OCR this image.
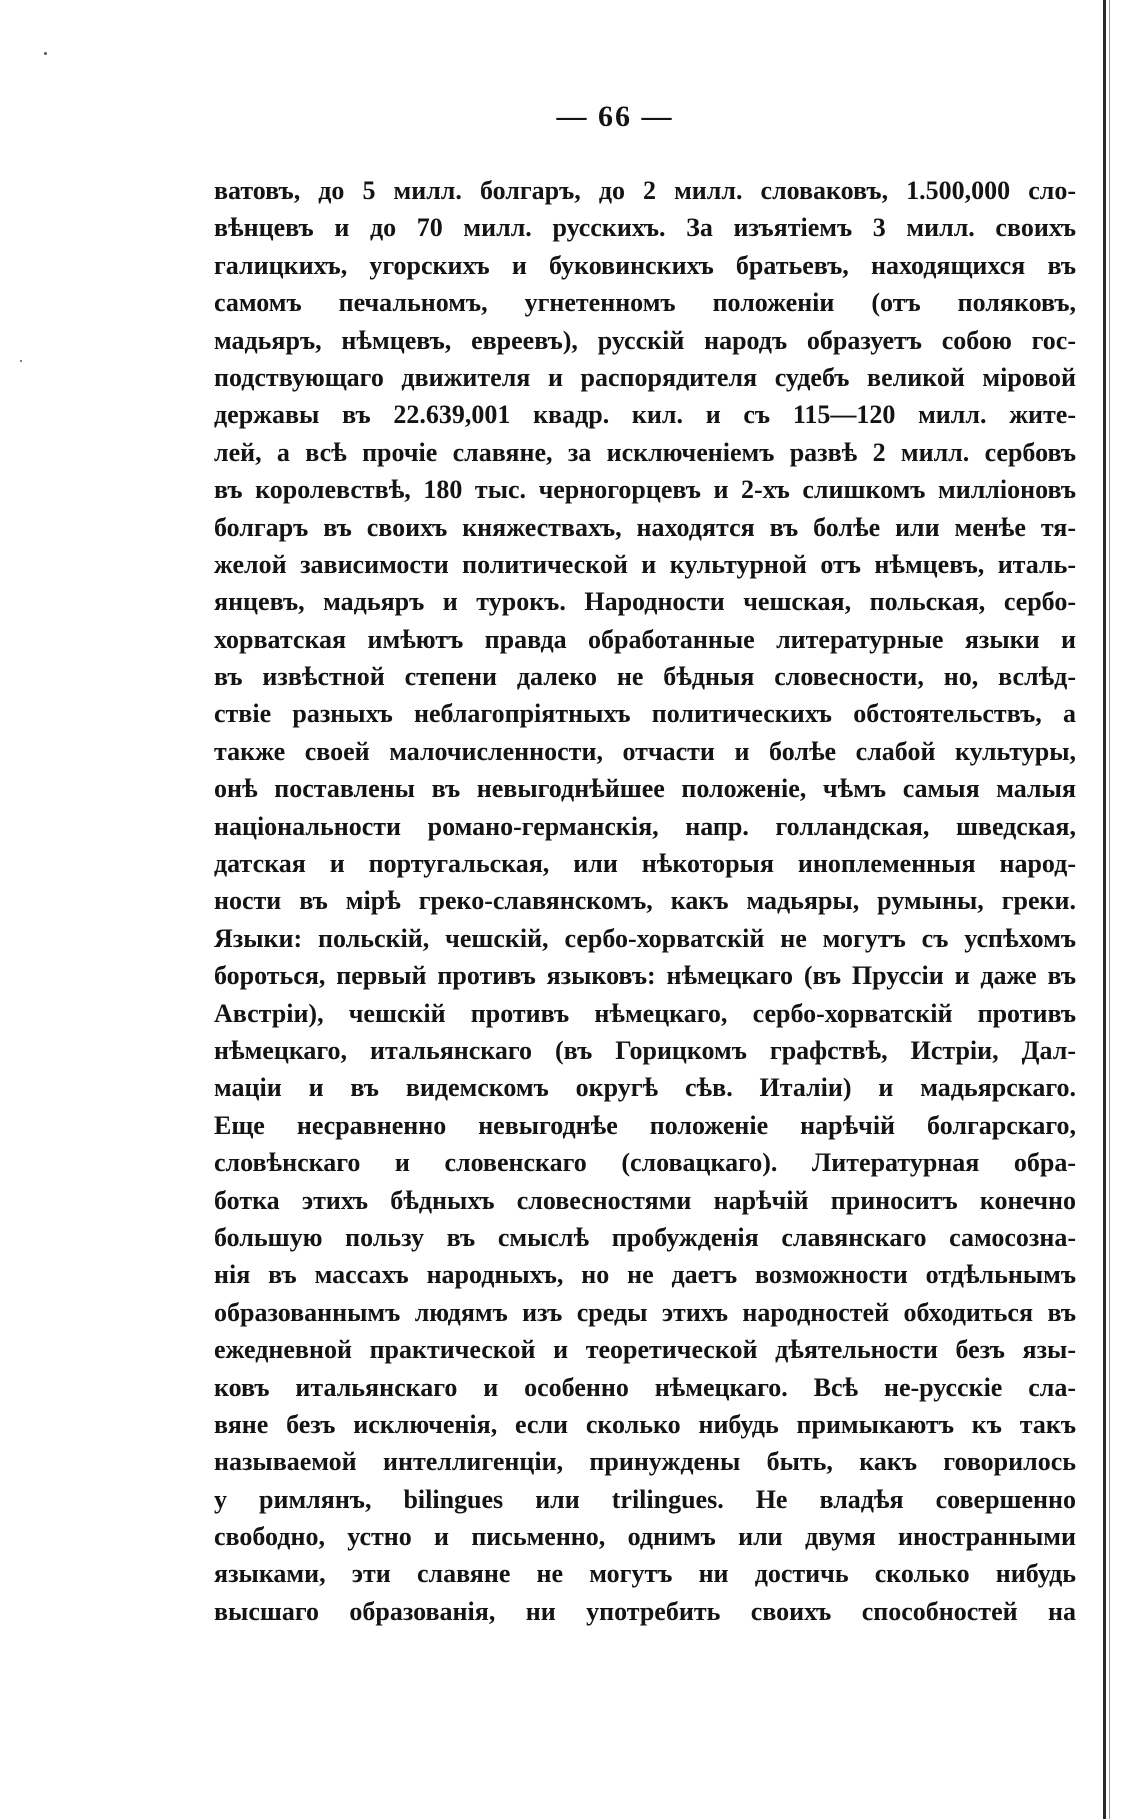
— 66 —
ватовъ, до 5 милл. болгаръ, до 2 милл. словаковъ, 1.500,000 сло-
вѣнцевъ и до 70 милл. русскихъ. За изъятіемъ 3 милл. своихъ
галицкихъ, угорскихъ и буковинскихъ братьевъ, находящихся въ
самомъ печальномъ, угнетенномъ положеніи (отъ поляковъ,
мадьяръ, нѣмцевъ, евреевъ), русскій народъ образуетъ собою гос-
подствующаго движителя и распорядителя судебъ великой міровой
державы въ 22.639,001 квадр. кил. и съ 115—120 милл. жите-
лей, а всѣ прочіе славяне, за исключеніемъ развѣ 2 милл. сербовъ
въ королевствѣ, 180 тыс. черногорцевъ и 2-хъ слишкомъ милліоновъ
болгаръ въ своихъ княжествахъ, находятся въ болѣе или менѣе тя-
желой зависимости политической и культурной отъ нѣмцевъ, италь-
янцевъ, мадьяръ и турокъ. Народности чешская, польская, сербо-
хорватская имѣютъ правда обработанные литературные языки и
въ извѣстной степени далеко не бѣдныя словесности, но, вслѣд-
ствіе разныхъ неблагопріятныхъ политическихъ обстоятельствъ, а
также своей малочисленности, отчасти и болѣе слабой культуры,
онѣ поставлены въ невыгоднѣйшее положеніе, чѣмъ самыя малыя
національности романо-германскія, напр. голландская, шведская,
датская и португальская, или нѣкоторыя иноплеменныя народ-
ности въ мірѣ греко-славянскомъ, какъ мадьяры, румыны, греки.
Языки: польскій, чешскій, сербо-хорватскій не могутъ съ успѣхомъ
бороться, первый противъ языковъ: нѣмецкаго (въ Пруссіи и даже въ
Австріи), чешскій противъ нѣмецкаго, сербо-хорватскій противъ
нѣмецкаго, итальянскаго (въ Горицкомъ графствѣ, Истріи, Дал-
маціи и въ видемскомъ округѣ сѣв. Италіи) и мадьярскаго.
Еще несравненно невыгоднѣе положеніе нарѣчій болгарскаго,
словѣнскаго и словенскаго (словацкаго). Литературная обра-
ботка этихъ бѣдныхъ словесностями нарѣчій приноситъ конечно
большую пользу въ смыслѣ пробужденія славянскаго самосозна-
нія въ массахъ народныхъ, но не даетъ возможности отдѣльнымъ
образованнымъ людямъ изъ среды этихъ народностей обходиться въ
ежедневной практической и теоретической дѣятельности безъ язы-
ковъ итальянскаго и особенно нѣмецкаго. Всѣ не-русскіе сла-
вяне безъ исключенія, если сколько нибудь примыкаютъ къ такъ
называемой интеллигенціи, принуждены быть, какъ говорилось
у римлянъ, bilingues или trilingues. Не владѣя совершенно
свободно, устно и письменно, однимъ или двумя иностранными
языками, эти славяне не могутъ ни достичь сколько нибудь
высшаго образованія, ни употребить своихъ способностей на
